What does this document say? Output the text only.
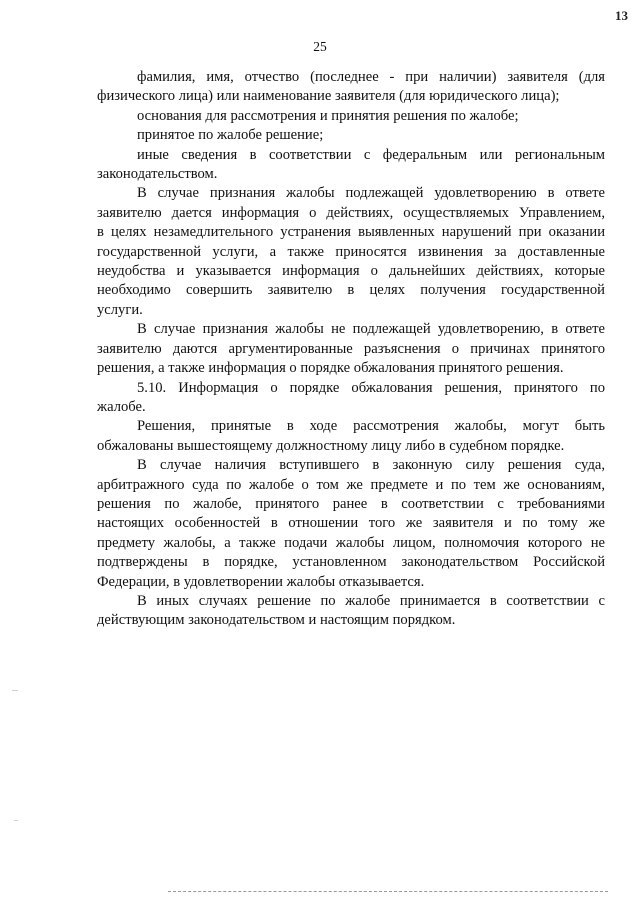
13
25
фамилия, имя, отчество (последнее - при наличии) заявителя (для
физического лица) или наименование заявителя (для юридического лица);
основания для рассмотрения и принятия решения по жалобе;
принятое по жалобе решение;
иные сведения в соответствии с федеральным или региональным
законодательством.
В случае признания жалобы подлежащей удовлетворению в ответе
заявителю дается информация о действиях, осуществляемых Управлением,
в целях незамедлительного устранения выявленных нарушений при оказании
государственной услуги, а также приносятся извинения за доставленные
неудобства и указывается информация о дальнейших действиях, которые
необходимо совершить заявителю в целях получения государственной
услуги.
В случае признания жалобы не подлежащей удовлетворению, в ответе
заявителю даются аргументированные разъяснения о причинах принятого
решения, а также информация о порядке обжалования принятого решения.
5.10. Информация о порядке обжалования решения, принятого по
жалобе.
Решения, принятые в ходе рассмотрения жалобы, могут быть
обжалованы вышестоящему должностному лицу либо в судебном порядке.
В случае наличия вступившего в законную силу решения суда,
арбитражного суда по жалобе о том же предмете и по тем же основаниям,
решения по жалобе, принятого ранее в соответствии с требованиями
настоящих особенностей в отношении того же заявителя и по тому же
предмету жалобы, а также подачи жалобы лицом, полномочия которого не
подтверждены в порядке, установленном законодательством Российской
Федерации, в удовлетворении жалобы отказывается.
В иных случаях решение по жалобе принимается в соответствии с
действующим законодательством и настоящим порядком.
